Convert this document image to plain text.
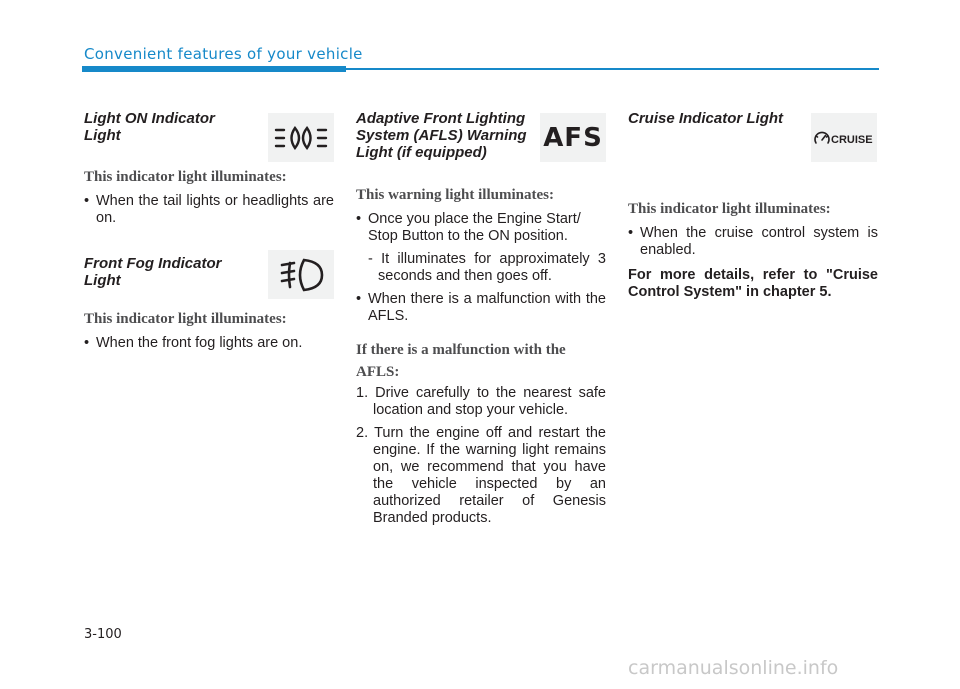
Convenient features of your vehicle
Light ON Indicator
Light
This indicator light illuminates:
• When the tail lights or headlights are on.
Front Fog Indicator
Light
This indicator light illuminates:
• When the front fog lights are on.
Adaptive Front Lighting
System (AFLS) Warning
Light (if equipped)
This warning light illuminates:
• Once you place the Engine Start/ Stop Button to the ON position.
- It illuminates for approximately 3 seconds and then goes off.
• When there is a malfunction with the AFLS.
If there is a malfunction with the
AFLS:
1. Drive carefully to the nearest safe location and stop your vehicle.
2. Turn the engine off and restart the engine. If the warning light remains on, we recommend that you have the vehicle inspected by an authorized retailer of Genesis Branded products.
AFS
Cruise Indicator Light
This indicator light illuminates:
• When the cruise control system is enabled.
For more details, refer to "Cruise Control System" in chapter 5.
CRUISE
3-100
carmanualsonline.info
